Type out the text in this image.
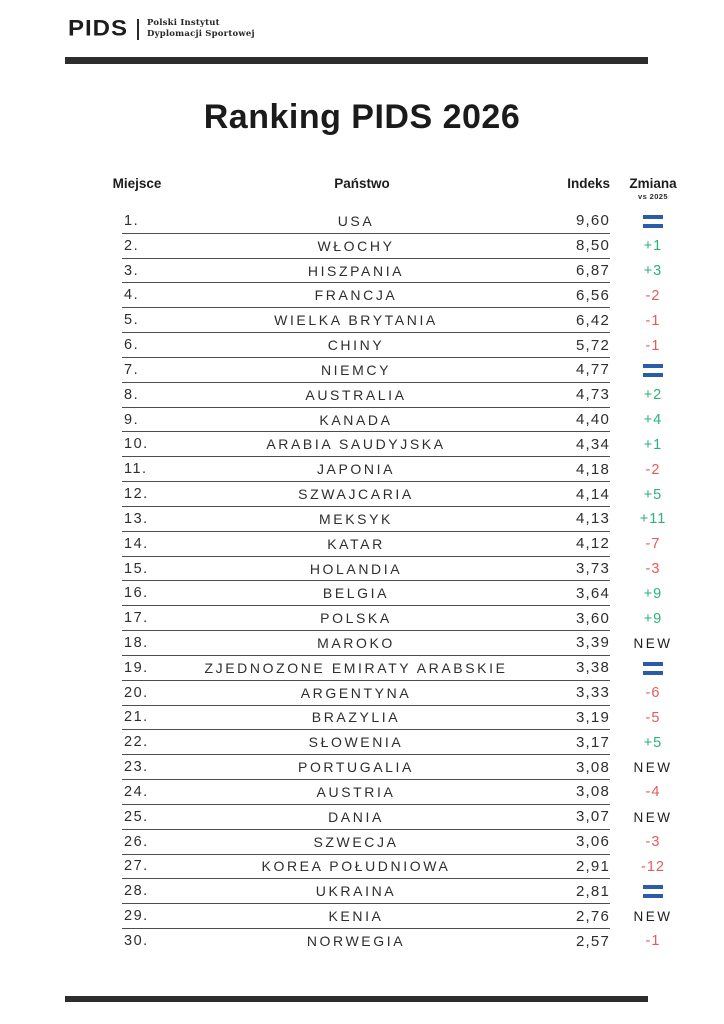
PIDS Polski Instytut
Dyplomacji Sportowej
Ranking PIDS 2026
Miejsce	Państwo	Indeks	Zmiana
vs 2025
1.	USA	9,60
2.	WŁOCHY	8,50 +1
3.	HISZPANIA	6,87 +3
4.	FRANCJA	6,56 -2
5.	WIELKA BRYTANIA	6,42 -1
6.	CHINY	5,72 -1
7.	NIEMCY	4,77
8.	AUSTRALIA	4,73 +2
9.	KANADA	4,40 +4
10.	ARABIA SAUDYJSKA	4,34 +1
11.	JAPONIA	4,18 -2
12.	SZWAJCARIA	4,14 +5
13.	MEKSYK	4,13 +11
14.	KATAR	4,12 -7
15.	HOLANDIA	3,73 -3
16.	BELGIA	3,64 +9
17.	POLSKA	3,60 +9
18.	MAROKO	3,39 NEW
19.	ZJEDNOZONE EMIRATY ARABSKIE	3,38
20.	ARGENTYNA	3,33 -6
21.	BRAZYLIA	3,19 -5
22.	SŁOWENIA	3,17 +5
23.	PORTUGALIA	3,08 NEW
24.	AUSTRIA	3,08 -4
25.	DANIA	3,07 NEW
26.	SZWECJA	3,06 -3
27.	KOREA POŁUDNIOWA	2,91 -12
28.	UKRAINA	2,81
29.	KENIA	2,76 NEW
30.	NORWEGIA	2,57 -1
